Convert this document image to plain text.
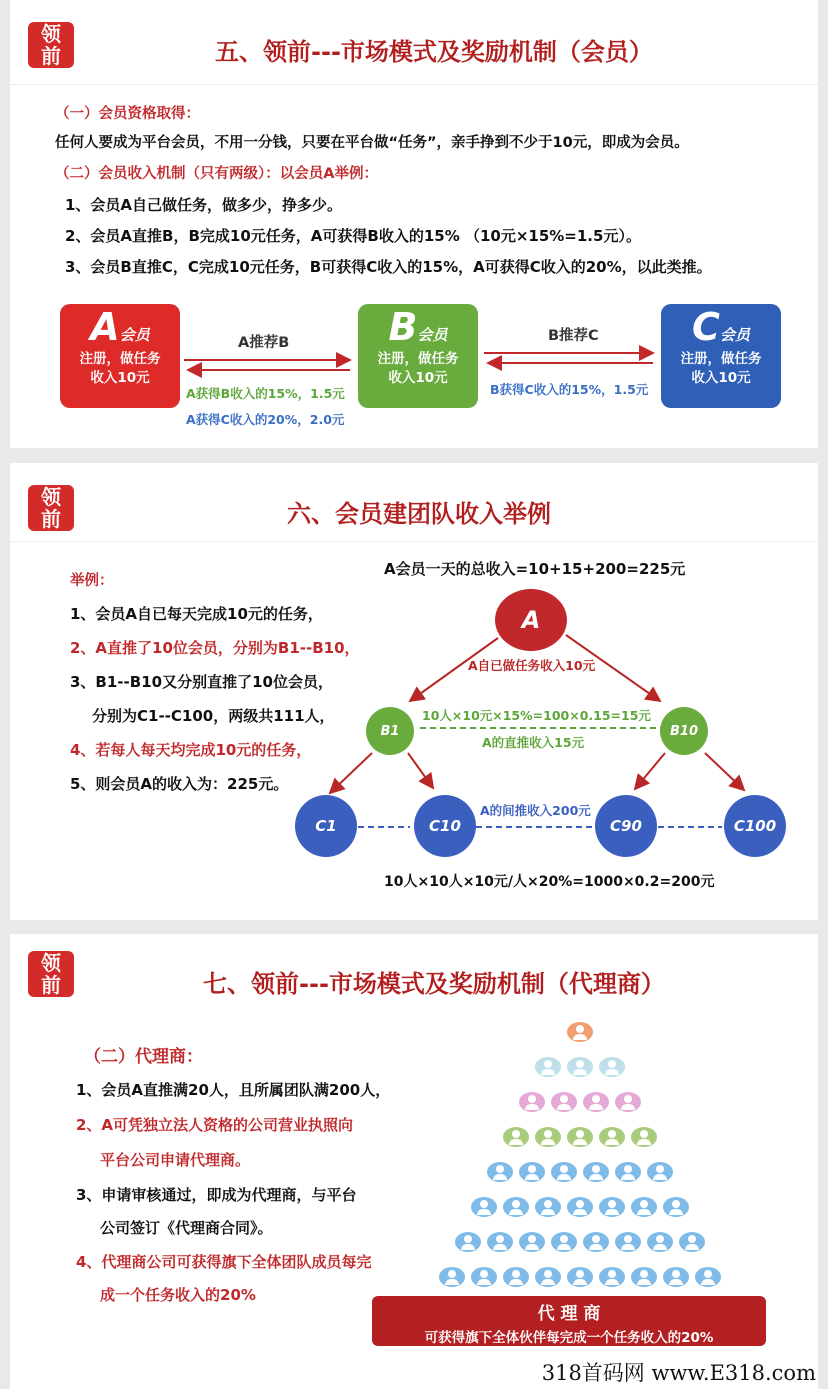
领
前	五、领前---市场模式及奖励机制（会员）
（一）会员资格取得：
任何人要成为平台会员，不用一分钱，只要在平台做“任务”，亲手挣到不少于10元，即成为会员。
（二）会员收入机制（只有两级）：以会员A举例：
1、会员A自己做任务，做多少，挣多少。
2、会员A直推B，B完成10元任务，A可获得B收入的15% （10元×15%=1.5元）。
3、会员B直推C，C完成10元任务，B可获得C收入的15%，A可获得C收入的20%，以此类推。
A会员
注册，做任务
收入10元
B会员
注册，做任务
收入10元
C会员
注册，做任务
收入10元
A推荐B
A获得B收入的15%，1.5元
A获得C收入的20%，2.0元
B推荐C
B获得C收入的15%，1.5元
领
前	六、会员建团队收入举例
举例：
1、会员A自已每天完成10元的任务，
2、A直推了10位会员，分别为B1--B10，
3、B1--B10又分别直推了10位会员，
分别为C1--C100，两级共111人，
4、若每人每天均完成10元的任务，
5、则会员A的收入为：225元。
A会员一天的总收入=10+15+200=225元
A
A自已做任务收入10元
B1	B10
10人×10元×15%=100×0.15=15元
A的直推收入15元
C1	C10	C90	C100
A的间推收入200元
10人×10人×10元/人×20%=1000×0.2=200元
领
前	七、领前---市场模式及奖励机制（代理商）
（二）代理商：
1、会员A直推满20人，且所属团队满200人，
2、A可凭独立法人资格的公司营业执照向
平台公司申请代理商。
3、申请审核通过，即成为代理商，与平台
公司签订《代理商合同》。
4、代理商公司可获得旗下全体团队成员每完
成一个任务收入的20%
代 理 商
可获得旗下全体伙伴每完成一个任务收入的20%
318首码网 www.E318.com
